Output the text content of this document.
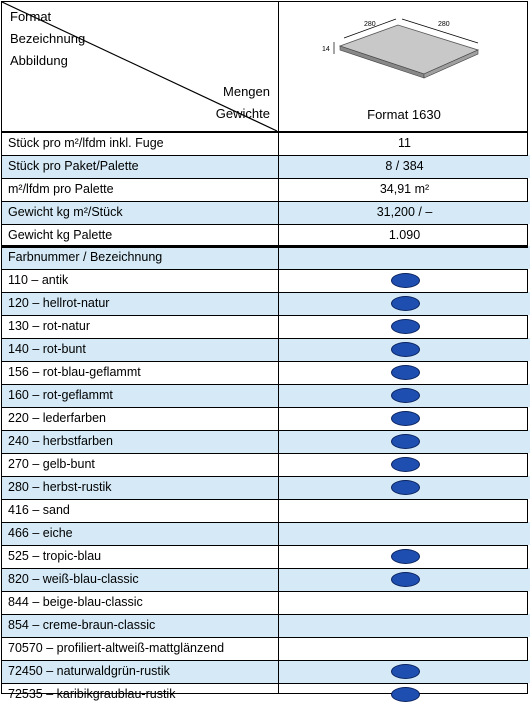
Format
Bezeichnung
Abbildung
Mengen
Gewichte
280	280
14
Format 1630
Stück pro m²/lfdm inkl. Fuge	11
Stück pro Paket/Palette	8 / 384
m²/lfdm pro Palette	34,91 m²
Gewicht kg m²/Stück	31,200 / –
Gewicht kg Palette	1.090
Farbnummer / Bezeichnung
110 – antik
120 – hellrot-natur
130 – rot-natur
140 – rot-bunt
156 – rot-blau-geflammt
160 – rot-geflammt
220 – lederfarben
240 – herbstfarben
270 – gelb-bunt
280 – herbst-rustik
416 – sand
466 – eiche
525 – tropic-blau
820 – weiß-blau-classic
844 – beige-blau-classic
854 – creme-braun-classic
70570 – profiliert-altweiß-mattglänzend
72450 – naturwaldgrün-rustik
72535 – karibikgraublau-rustik
